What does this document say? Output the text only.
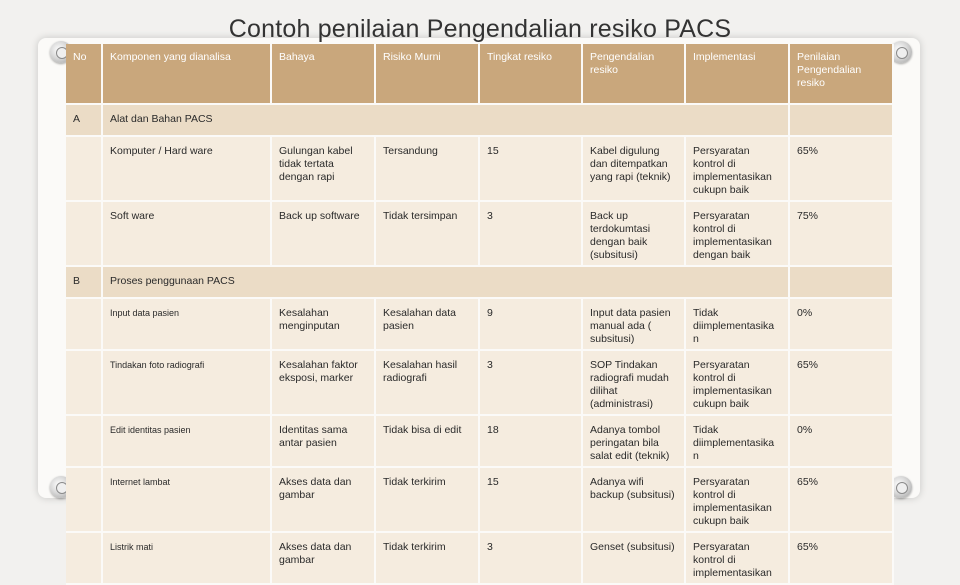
Contoh penilaian Pengendalian resiko PACS
No	Komponen yang dianalisa	Bahaya	Risiko Murni	Tingkat resiko	Pengendalian resiko	Implementasi	Penilaian Pengendalian resiko
A	Alat dan Bahan PACS						
	Komputer / Hard ware	Gulungan kabel tidak tertata dengan rapi	Tersandung	15	Kabel digulung dan ditempatkan yang rapi (teknik)	Persyaratan kontrol di implementasikan cukupn baik	65%
	Soft ware	Back up software	Tidak tersimpan	3	Back up terdokumtasi dengan baik (subsitusi)	Persyaratan kontrol di implementasikan dengan baik	75%
B	Proses penggunaan PACS						
	Input data pasien	Kesalahan menginputan	Kesalahan data pasien	9	Input data pasien manual ada ( subsitusi)	Tidak diimplementasika n	0%
	Tindakan foto radiografi	Kesalahan faktor eksposi, marker	Kesalahan hasil radiografi	3	SOP Tindakan radiografi mudah dilihat (administrasi)	Persyaratan kontrol di implementasikan cukupn baik	65%
	Edit identitas pasien	Identitas sama antar pasien	Tidak bisa di edit	18	Adanya tombol peringatan bila salat edit (teknik)	Tidak diimplementasika n	0%
	Internet lambat	Akses data dan gambar	Tidak terkirim	15	Adanya wifi backup (subsitusi)	Persyaratan kontrol di implementasikan cukupn baik	65%
	Listrik mati	Akses data dan gambar	Tidak terkirim	3	Genset (subsitusi)	Persyaratan kontrol di implementasikan	65%
